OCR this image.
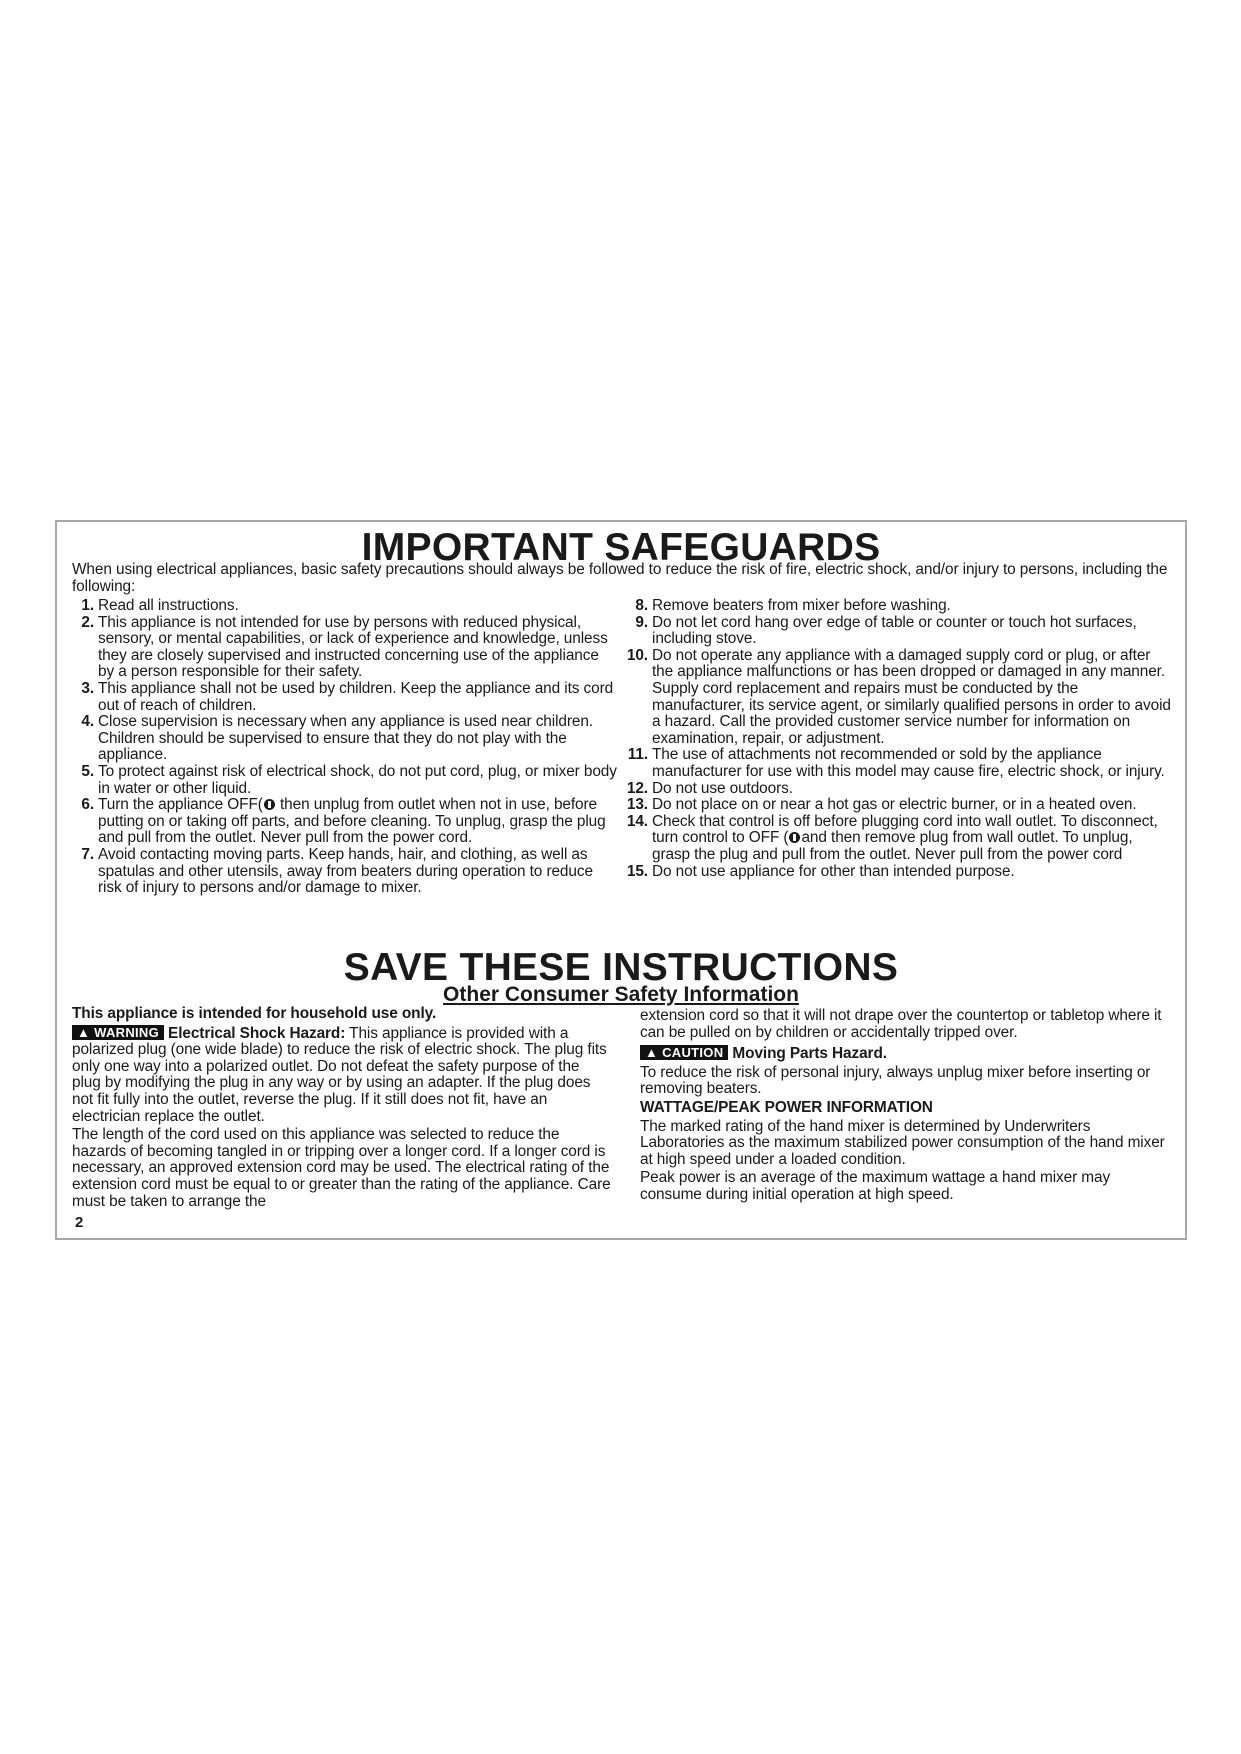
IMPORTANT SAFEGUARDS

When using electrical appliances, basic safety precautions should always be followed to reduce the risk of fire, electric shock, and/or injury to persons, including the following:

1. Read all instructions.
2. This appliance is not intended for use by persons with reduced physical, sensory, or mental capabilities, or lack of experience and knowledge, unless they are closely supervised and instructed concerning use of the appliance by a person responsible for their safety.
3. This appliance shall not be used by children. Keep the appliance and its cord out of reach of children.
4. Close supervision is necessary when any appliance is used near children. Children should be supervised to ensure that they do not play with the appliance.
5. To protect against risk of electrical shock, do not put cord, plug, or mixer body in water or other liquid.
6. Turn the appliance OFF( then unplug from outlet when not in use, before putting on or taking off parts, and before cleaning. To unplug, grasp the plug and pull from the outlet. Never pull from the power cord.
7. Avoid contacting moving parts. Keep hands, hair, and clothing, as well as spatulas and other utensils, away from beaters during operation to reduce risk of injury to persons and/or damage to mixer.
8. Remove beaters from mixer before washing.
9. Do not let cord hang over edge of table or counter or touch hot surfaces, including stove.
10. Do not operate any appliance with a damaged supply cord or plug, or after the appliance malfunctions or has been dropped or damaged in any manner. Supply cord replacement and repairs must be conducted by the manufacturer, its service agent, or similarly qualified persons in order to avoid a hazard. Call the provided customer service number for information on examination, repair, or adjustment.
11. The use of attachments not recommended or sold by the appliance manufacturer for use with this model may cause fire, electric shock, or injury.
12. Do not use outdoors.
13. Do not place on or near a hot gas or electric burner, or in a heated oven.
14. Check that control is off before plugging cord into wall outlet. To disconnect, turn control to OFF ( and then remove plug from wall outlet. To unplug, grasp the plug and pull from the outlet. Never pull from the power cord
15. Do not use appliance for other than intended purpose.
SAVE THESE INSTRUCTIONS
Other Consumer Safety Information

This appliance is intended for household use only.

▲ WARNING Electrical Shock Hazard: This appliance is provided with a polarized plug (one wide blade) to reduce the risk of electric shock. The plug fits only one way into a polarized outlet. Do not defeat the safety purpose of the plug by modifying the plug in any way or by using an adapter. If the plug does not fit fully into the outlet, reverse the plug. If it still does not fit, have an electrician replace the outlet.

The length of the cord used on this appliance was selected to reduce the hazards of becoming tangled in or tripping over a longer cord. If a longer cord is necessary, an approved extension cord may be used. The electrical rating of the extension cord must be equal to or greater than the rating of the appliance. Care must be taken to arrange the

extension cord so that it will not drape over the countertop or tabletop where it can be pulled on by children or accidentally tripped over.

▲ CAUTION Moving Parts Hazard.

To reduce the risk of personal injury, always unplug mixer before inserting or removing beaters.

WATTAGE/PEAK POWER INFORMATION

The marked rating of the hand mixer is determined by Underwriters Laboratories as the maximum stabilized power consumption of the hand mixer at high speed under a loaded condition.

Peak power is an average of the maximum wattage a hand mixer may consume during initial operation at high speed.

2
